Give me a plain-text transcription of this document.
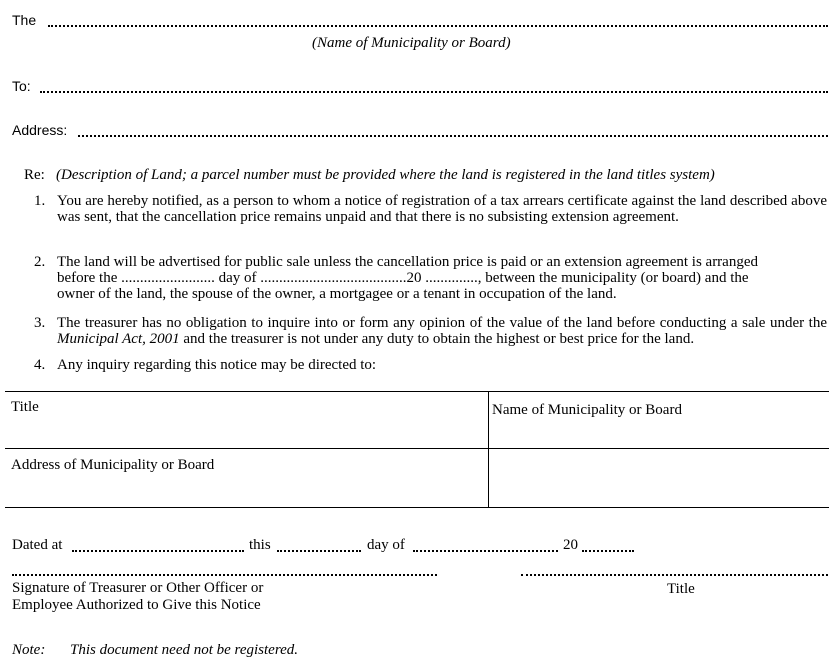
The
(Name of Municipality or Board)
To:
Address:
Re: (Description of Land; a parcel number must be provided where the land is registered in the land titles system)
1. You are hereby notified, as a person to whom a notice of registration of a tax arrears certificate against the land described above was sent, that the cancellation price remains unpaid and that there is no subsisting extension agreement.
2. The land will be advertised for public sale unless the cancellation price is paid or an extension agreement is arranged
before the ......................... day of .......................................20 .............., between the municipality (or board) and the
owner of the land, the spouse of the owner, a mortgagee or a tenant in occupation of the land.
3. The treasurer has no obligation to inquire into or form any opinion of the value of the land before conducting a sale under the Municipal Act, 2001 and the treasurer is not under any duty to obtain the highest or best price for the land.
4. Any inquiry regarding this notice may be directed to:
Title	Name of Municipality or Board
Address of Municipality or Board
Dated at	this	day of	20
Signature of Treasurer or Other Officer or
Employee Authorized to Give this Notice
Title
Note: This document need not be registered.
